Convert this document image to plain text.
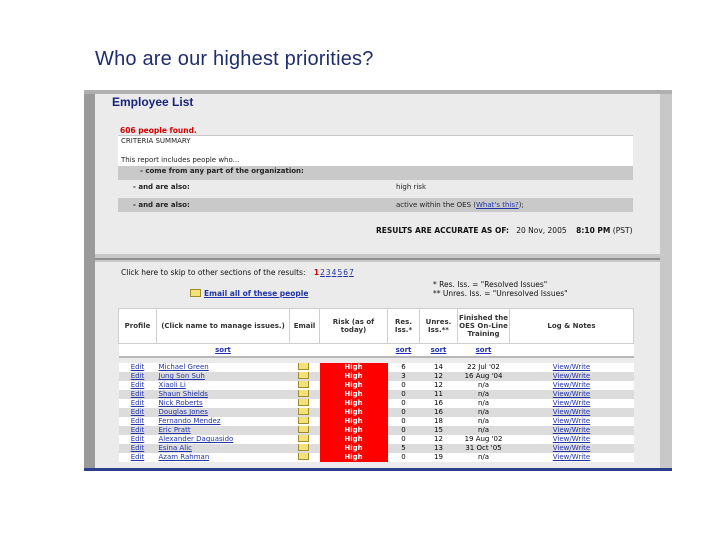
Who are our highest priorities?
Employee List
606 people found.
CRITERIA SUMMARY
This report includes people who...
- come from any part of the organization:
- and are also:	high risk
- and are also:	active within the OES (What's this?);
RESULTS ARE ACCURATE AS OF: 20 Nov, 2005 8:10 PM (PST)
Click here to skip to other sections of the results: 1234567
Email all of these people
* Res. Iss. = "Resolved Issues"
** Unres. Iss. = "Unresolved Issues"
Profile	(Click name to manage issues.)	Email	Risk (as of today)	Res. Iss.*	Unres. Iss.**	Finished the OES On-Line Training	Log & Notes
	sort			sort	sort	sort	

Edit	Michael Green		High	6	14	22 Jul '02	View/Write
Edit	Jung Son Suh		High	3	12	16 Aug '04	View/Write
Edit	Xiaoli Li		High	0	12	n/a	View/Write
Edit	Shaun Shields		High	0	11	n/a	View/Write
Edit	Nick Roberts		High	0	16	n/a	View/Write
Edit	Douglas Jones		High	0	16	n/a	View/Write
Edit	Fernando Mendez		High	0	18	n/a	View/Write
Edit	Eric Pratt		High	0	15	n/a	View/Write
Edit	Alexander Daguasido		High	0	12	19 Aug '02	View/Write
Edit	Esina Alic		High	5	13	31 Oct '05	View/Write
Edit	Azam Rahman		High	0	19	n/a	View/Write
